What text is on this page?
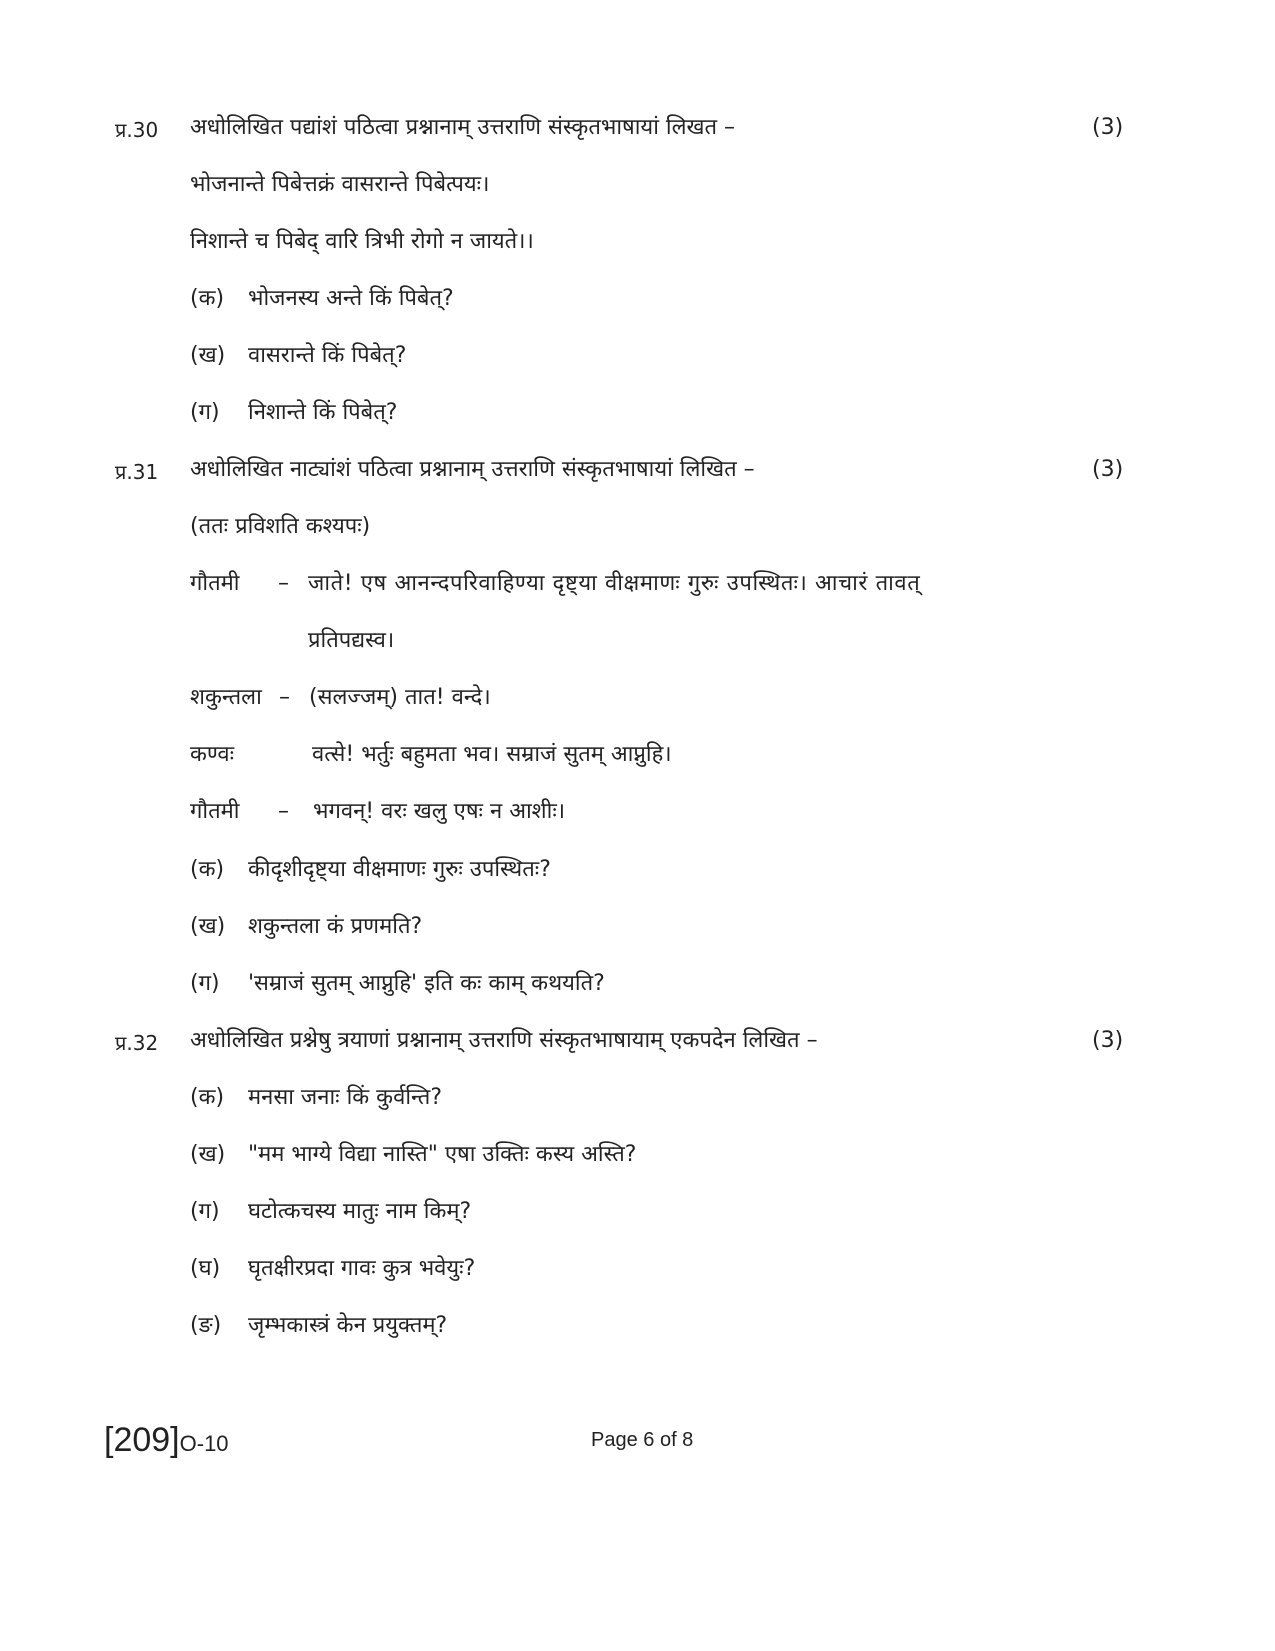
प्र.30 अधोलिखित पद्यांशं पठित्वा प्रश्नानाम् उत्तराणि संस्कृतभाषायां लिखत –	(3)
भोजनान्ते पिबेत्तक्रं वासरान्ते पिबेत्पयः।
निशान्ते च पिबेद् वारि त्रिभी रोगो न जायते।।
(क) भोजनस्य अन्ते किं पिबेत्?
(ख) वासरान्ते किं पिबेत्?
(ग) निशान्ते किं पिबेत्?
प्र.31 अधोलिखित नाट्यांशं पठित्वा प्रश्नानाम् उत्तराणि संस्कृतभाषायां लिखित –	(3)
(ततः प्रविशति कश्यपः)
गौतमी – जाते! एष आनन्दपरिवाहिण्या दृष्ट्या वीक्षमाणः गुरुः उपस्थितः। आचारं तावत्
प्रतिपद्यस्व।
शकुन्तला – (सलज्जम्) तात! वन्दे।
कण्वः	वत्से! भर्तुः बहुमता भव। सम्राजं सुतम् आप्नुहि।
गौतमी – भगवन्! वरः खलु एषः न आशीः।
(क) कीदृशीदृष्ट्या वीक्षमाणः गुरुः उपस्थितः?
(ख) शकुन्तला कं प्रणमति?
(ग) 'सम्राजं सुतम् आप्नुहि' इति कः काम् कथयति?
प्र.32 अधोलिखित प्रश्नेषु त्रयाणां प्रश्नानाम् उत्तराणि संस्कृतभाषायाम् एकपदेन लिखित –	(3)
(क) मनसा जनाः किं कुर्वन्ति?
(ख) "मम भाग्ये विद्या नास्ति" एषा उक्तिः कस्य अस्ति?
(ग) घटोत्कचस्य मातुः नाम किम्?
(घ) घृतक्षीरप्रदा गावः कुत्र भवेयुः?
(ङ) जृम्भकास्त्रं केन प्रयुक्तम्?
[209]O-10	Page 6 of 8
